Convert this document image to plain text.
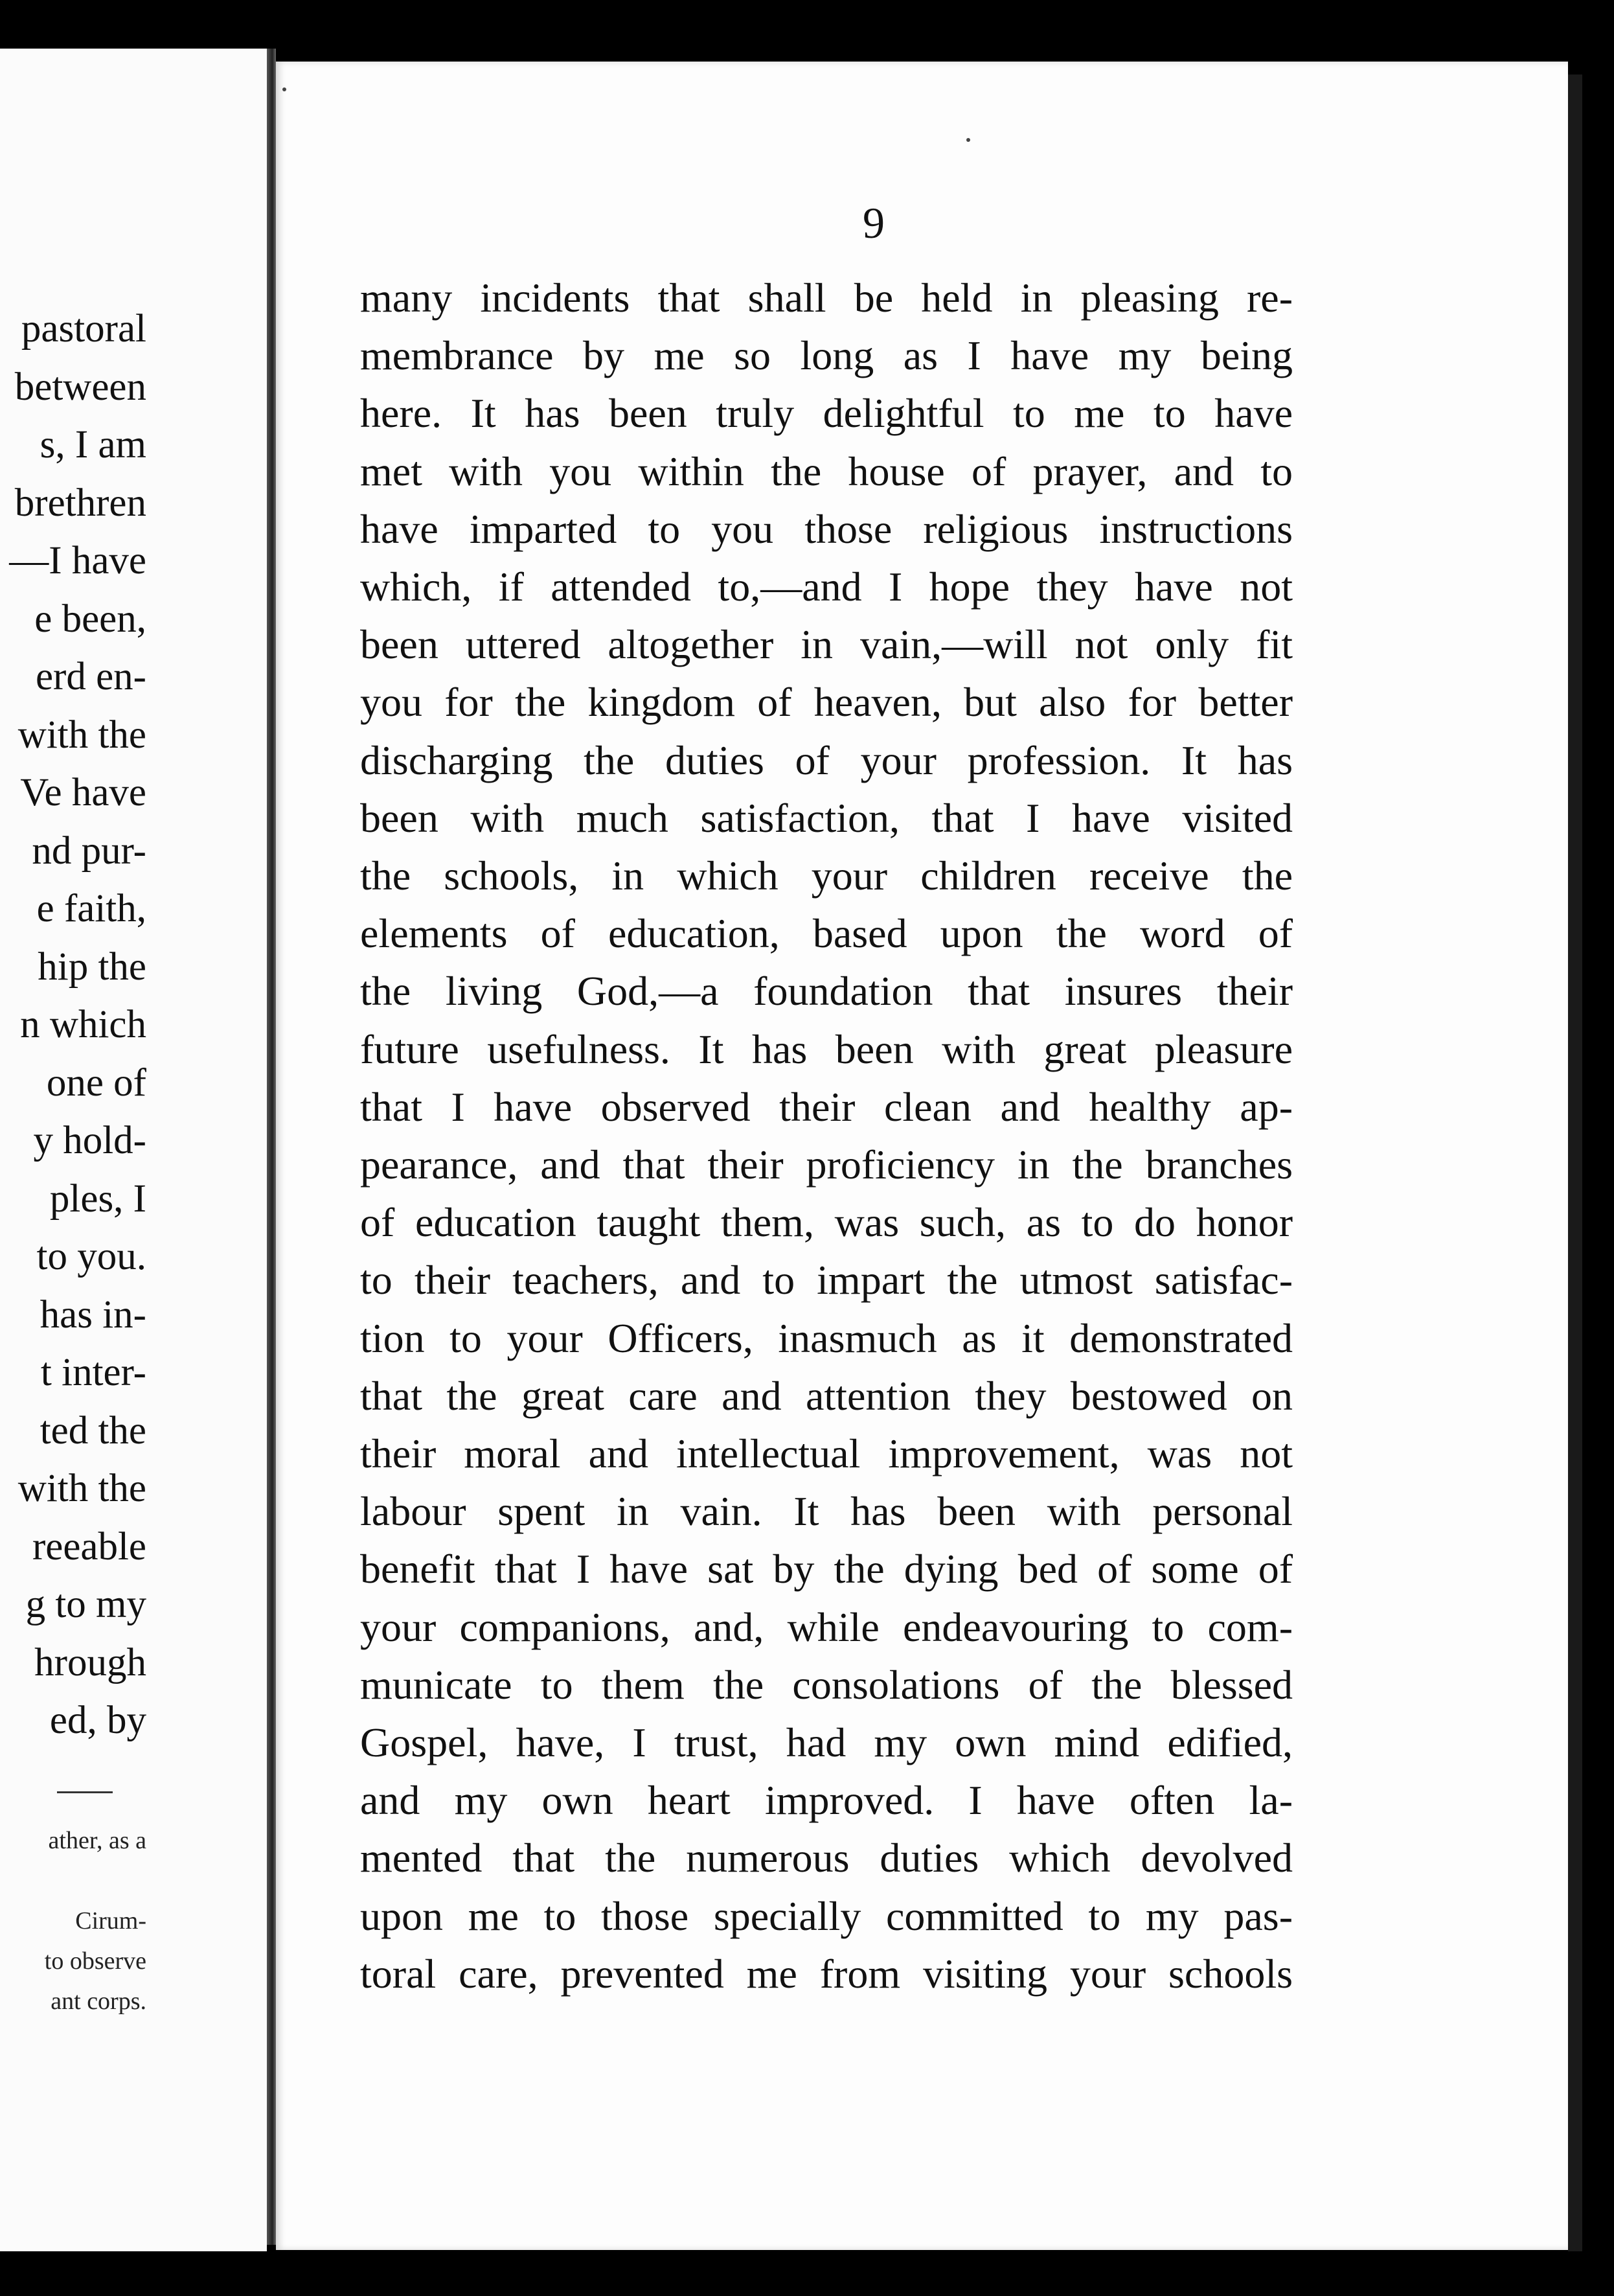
pastoral
between
s, I am
brethren
—I have
e been,
erd en-
with the
Ve have
nd pur-
e faith,
hip the
n which
one of
y hold-
ples, I
to you.
has in-
t inter-
ted the
with the
reeable
g to my
hrough
ed, by
ather, as a
Cirum-
to observe
ant corps.
9
many incidents that shall be held in pleasing re-
membrance by me so long as I have my being
here. It has been truly delightful to me to have
met with you within the house of prayer, and to
have imparted to you those religious instructions
which, if attended to,—and I hope they have not
been uttered altogether in vain,—will not only fit
you for the kingdom of heaven, but also for better
discharging the duties of your profession. It has
been with much satisfaction, that I have visited
the schools, in which your children receive the
elements of education, based upon the word of
the living God,—a foundation that insures their
future usefulness. It has been with great pleasure
that I have observed their clean and healthy ap-
pearance, and that their proficiency in the branches
of education taught them, was such, as to do honor
to their teachers, and to impart the utmost satisfac-
tion to your Officers, inasmuch as it demonstrated
that the great care and attention they bestowed on
their moral and intellectual improvement, was not
labour spent in vain. It has been with personal
benefit that I have sat by the dying bed of some of
your companions, and, while endeavouring to com-
municate to them the consolations of the blessed
Gospel, have, I trust, had my own mind edified,
and my own heart improved. I have often la-
mented that the numerous duties which devolved
upon me to those specially committed to my pas-
toral care, prevented me from visiting your schools
